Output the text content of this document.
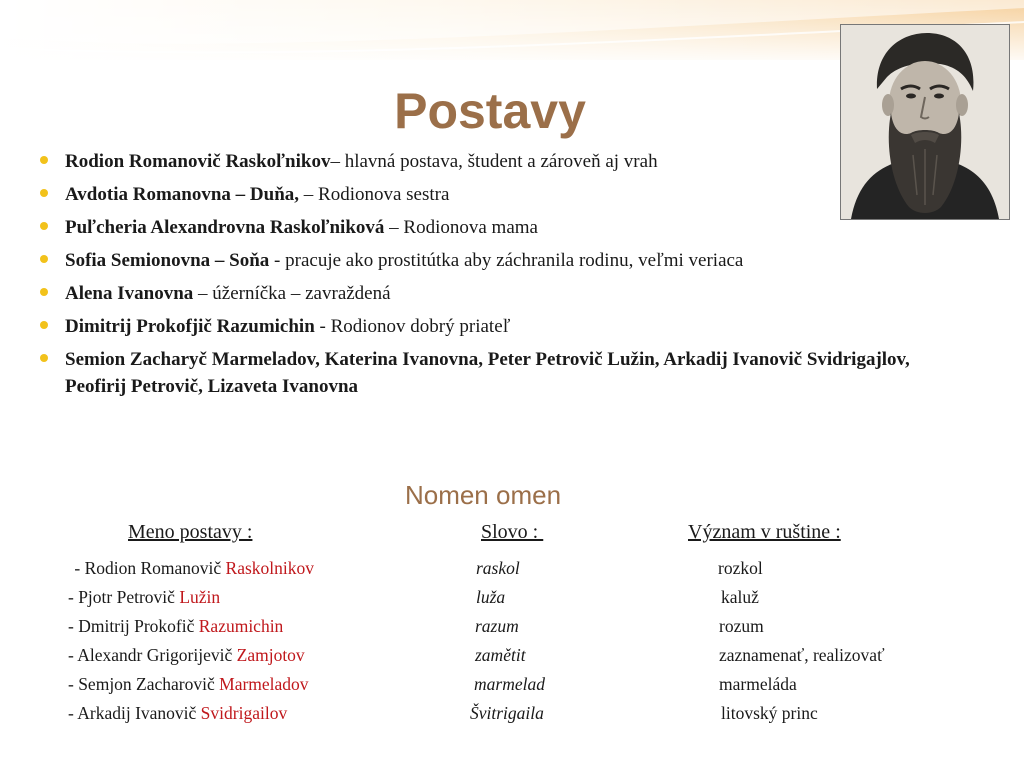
Postavy
Rodion Romanovič Raskoľnikov– hlavná postava, študent a zároveň aj vrah
Avdotia Romanovna – Duňa, – Rodionova sestra
Puľcheria Alexandrovna Raskoľniková – Rodionova mama
Sofia Semionovna – Soňa - pracuje ako prostitútka aby záchranila rodinu, veľmi veriaca
Alena Ivanovna – úžerníčka – zavraždená
Dimitrij Prokofjič Razumichin - Rodionov dobrý priateľ
Semion Zacharyč Marmeladov, Katerina Ivanovna, Peter Petrovič Lužin, Arkadij Ivanovič Svidrigajlov, Peofirij Petrovič, Lizaveta Ivanovna
Nomen omen
Meno postavy :	Slovo :	Význam v ruštine :
- Rodion Romanovič Raskolnikov	raskol	rozkol
- Pjotr Petrovič Lužin	luža	kaluž
- Dmitrij Prokofič Razumichin	razum	rozum
- Alexandr Grigorijevič Zamjotov	zamětit	zaznamenať, realizovať
- Semjon Zacharovič Marmeladov	marmelad	marmeláda
- Arkadij Ivanovič Svidrigailov	Švitrigaila	litovský princ
